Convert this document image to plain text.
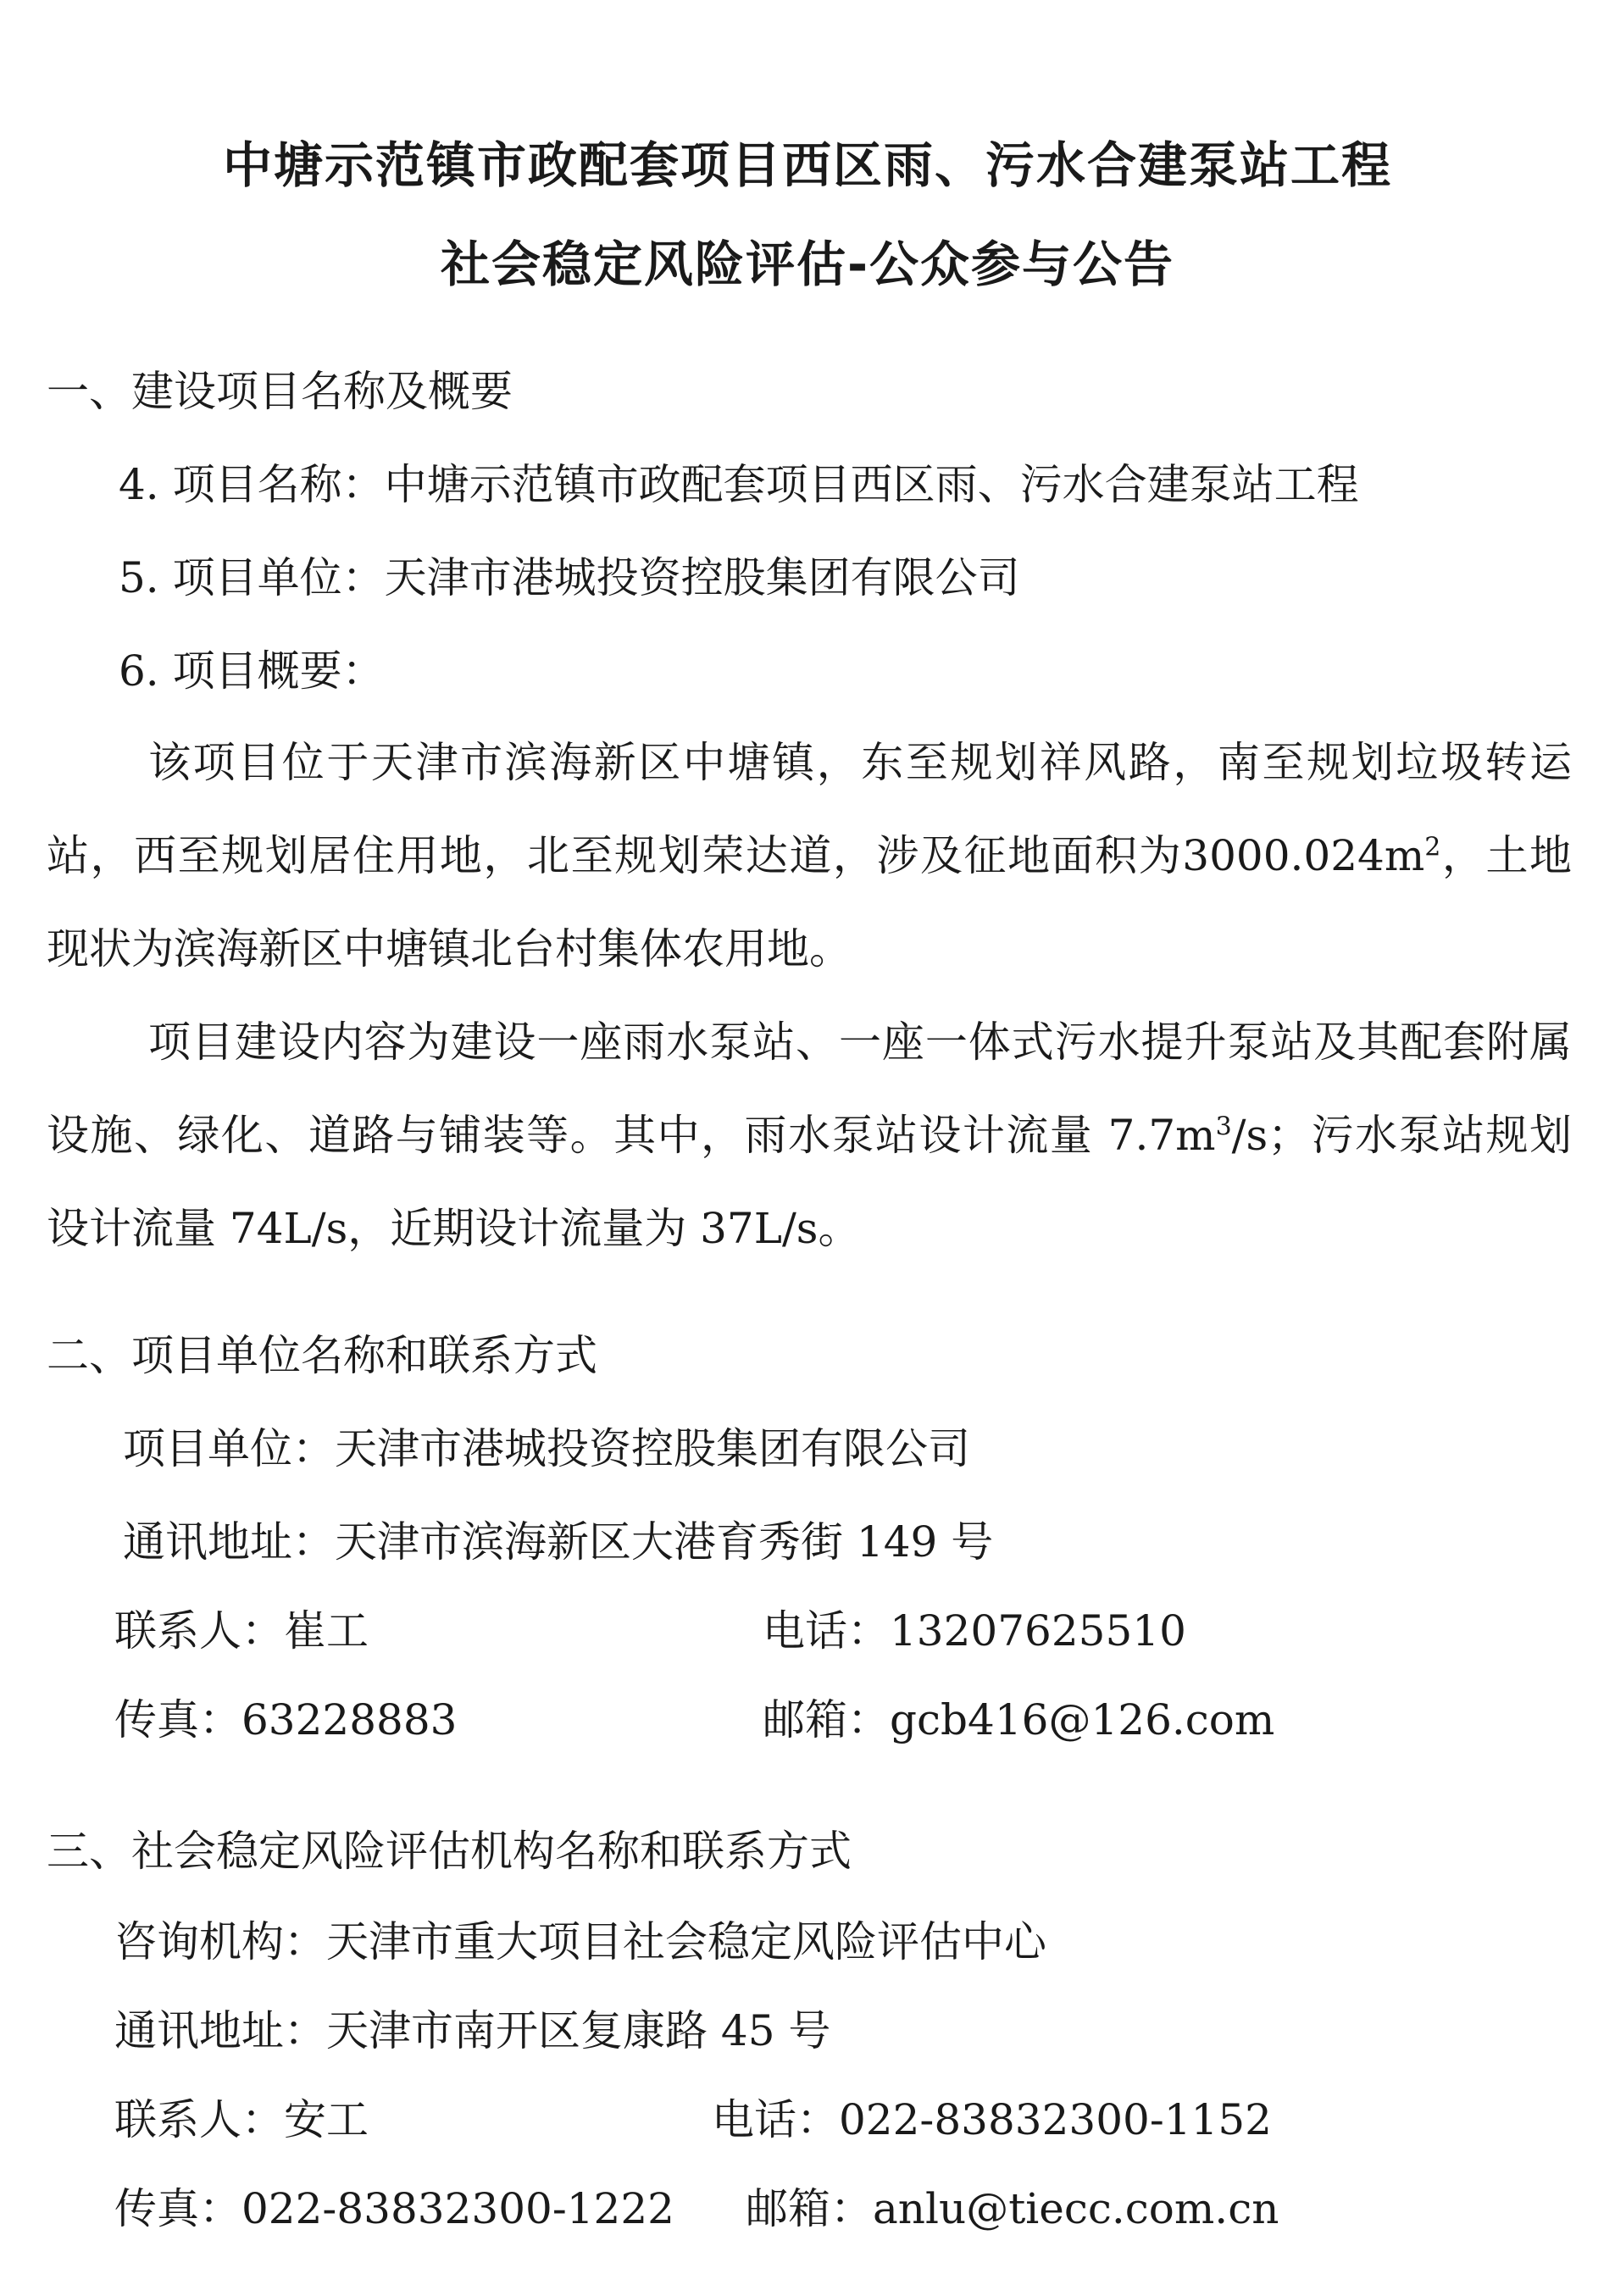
中塘示范镇市政配套项目西区雨、污水合建泵站工程
社会稳定风险评估-公众参与公告
一、建设项目名称及概要
4. 项目名称：中塘示范镇市政配套项目西区雨、污水合建泵站工程
5. 项目单位：天津市港城投资控股集团有限公司
6. 项目概要：
该项目位于天津市滨海新区中塘镇，东至规划祥风路，南至规划垃圾转运站，西至规划居住用地，北至规划荣达道，涉及征地面积为$3000.024m^2$，土地现状为滨海新区中塘镇北台村集体农用地。
项目建设内容为建设一座雨水泵站、一座一体式污水提升泵站及其配套附属设施、绿化、道路与铺装等。其中，雨水泵站设计流量 $7.7m^3/s$；污水泵站规划设计流量 74L/s，近期设计流量为 37L/s。
二、项目单位名称和联系方式
项目单位：天津市港城投资控股集团有限公司
通讯地址：天津市滨海新区大港育秀街 149 号
联系人：崔工	电话：13207625510
传真：63228883	邮箱：gcb416@126.com
三、社会稳定风险评估机构名称和联系方式
咨询机构：天津市重大项目社会稳定风险评估中心
通讯地址：天津市南开区复康路 45 号
联系人：安工	电话：022-83832300-1152
传真：022-83832300-1222 邮箱：anlu@tiecc.com.cn
